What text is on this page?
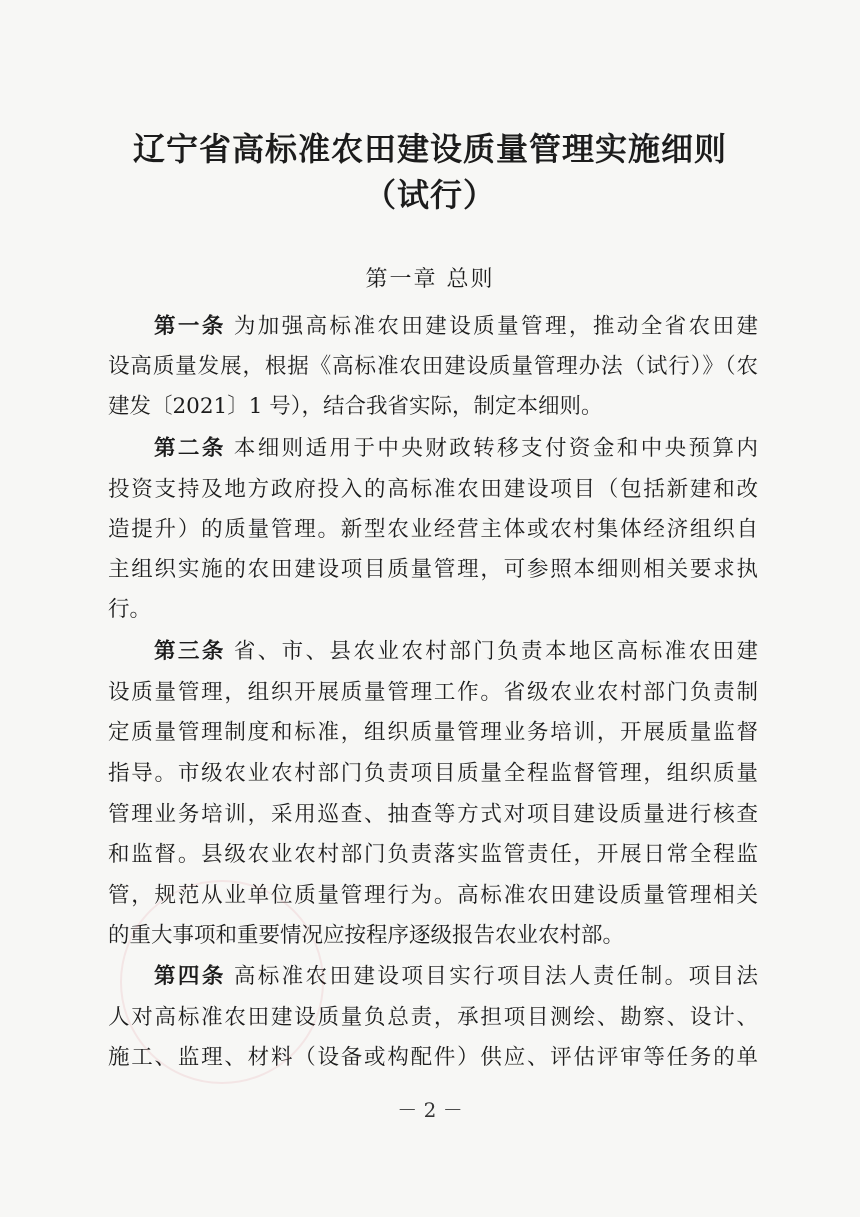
辽宁省高标准农田建设质量管理实施细则
（试行）
第一章 总则
第一条 为加强高标准农田建设质量管理，推动全省农田建
设高质量发展，根据《高标准农田建设质量管理办法（试行）》（农
建发〔2021〕1 号），结合我省实际，制定本细则。
第二条 本细则适用于中央财政转移支付资金和中央预算内
投资支持及地方政府投入的高标准农田建设项目（包括新建和改
造提升）的质量管理。新型农业经营主体或农村集体经济组织自
主组织实施的农田建设项目质量管理，可参照本细则相关要求执
行。
第三条 省、市、县农业农村部门负责本地区高标准农田建
设质量管理，组织开展质量管理工作。省级农业农村部门负责制
定质量管理制度和标准，组织质量管理业务培训，开展质量监督
指导。市级农业农村部门负责项目质量全程监督管理，组织质量
管理业务培训，采用巡查、抽查等方式对项目建设质量进行核查
和监督。县级农业农村部门负责落实监管责任，开展日常全程监
管，规范从业单位质量管理行为。高标准农田建设质量管理相关
的重大事项和重要情况应按程序逐级报告农业农村部。
第四条 高标准农田建设项目实行项目法人责任制。项目法
人对高标准农田建设质量负总责，承担项目测绘、勘察、设计、
施工、监理、材料（设备或构配件）供应、评估评审等任务的单
－ 2 －
